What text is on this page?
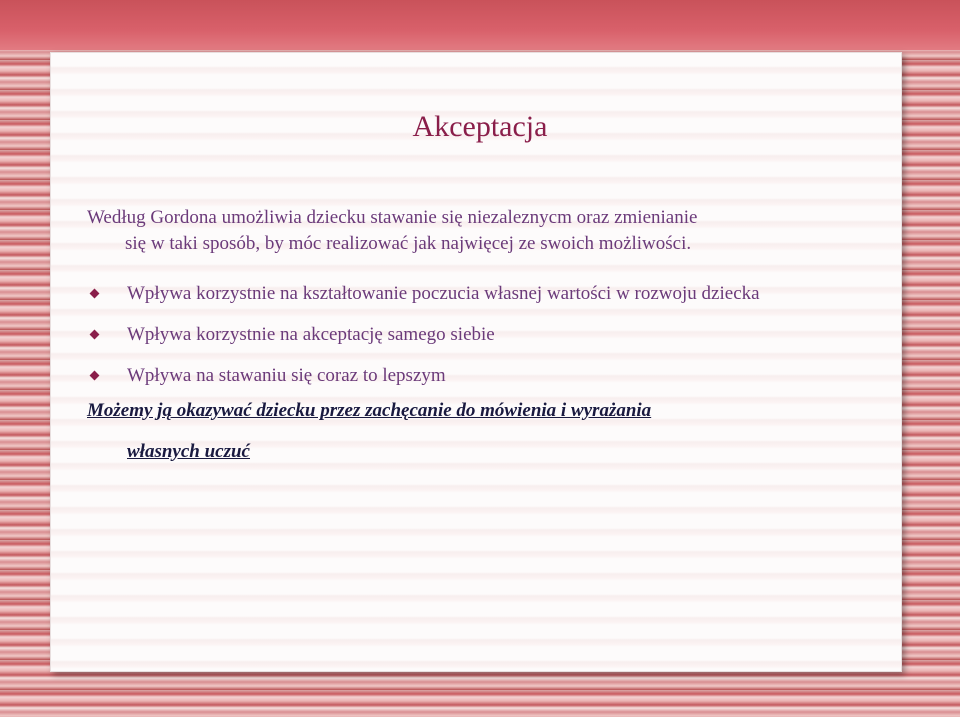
Akceptacja

Według Gordona umożliwia dziecku stawanie się niezaleznycm oraz zmienianie
się w taki sposób, by móc realizować jak najwięcej ze swoich możliwości.

Wpływa korzystnie na kształtowanie poczucia własnej wartości w rozwoju dziecka
Wpływa korzystnie na akceptację samego siebie
Wpływa na stawaniu się coraz to lepszym

Możemy ją okazywać dziecku przez zachęcanie do mówienia i wyrażania
własnych uczuć
